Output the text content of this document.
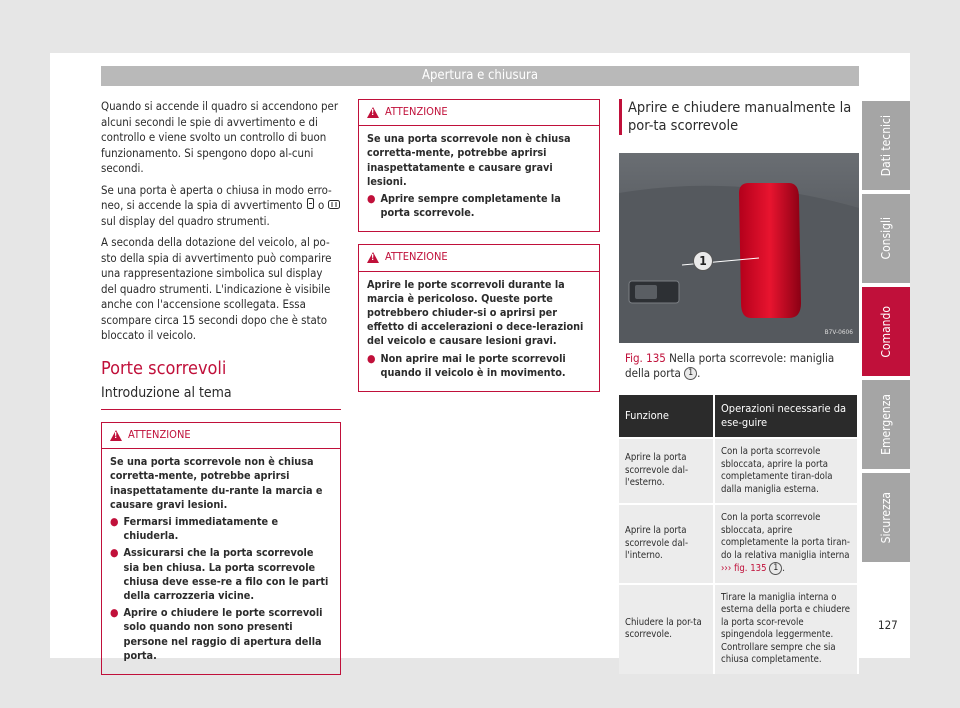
Apertura e chiusura

Quando si accende il quadro si accendono per alcuni secondi le spie di avvertimento e di controllo e viene svolto un controllo di buon funzionamento. Si spengono dopo al-cuni secondi.

Se una porta è aperta o chiusa in modo erro-neo, si accende la spia di avvertimento o  sul display del quadro strumenti.

A seconda della dotazione del veicolo, al po-sto della spia di avvertimento può comparire una rappresentazione simbolica sul display del quadro strumenti. L'indicazione è visibile anche con l'accensione scollegata. Essa scompare circa 15 secondi dopo che è stato bloccato il veicolo.

Porte scorrevoli
Introduzione al tema
!
ATTENZIONE

Se una porta scorrevole non è chiusa corretta-mente, potrebbe aprirsi inaspettatamente du-rante la marcia e causare gravi lesioni.

● Fermarsi immediatamente e chiuderla.
● Assicurarsi che la porta scorrevole sia ben chiusa. La porta scorrevole chiusa deve esse-re a filo con le parti della carrozzeria vicine.
● Aprire o chiudere le porte scorrevoli solo quando non sono presenti persone nel raggio di apertura della porta.
!
ATTENZIONE

Se una porta scorrevole non è chiusa corretta-mente, potrebbe aprirsi inaspettatamente e causare gravi lesioni.

● Aprire sempre completamente la porta scorrevole.
!
ATTENZIONE

Aprire le porte scorrevoli durante la marcia è pericoloso. Queste porte potrebbero chiuder-si o aprirsi per effetto di accelerazioni o dece-lerazioni del veicolo e causare lesioni gravi.

● Non aprire mai le porte scorrevoli quando il veicolo è in movimento.
Aprire e chiudere manualmente la por-ta scorrevole
1
B7V-0606
Fig. 135 Nella porta scorrevole: maniglia della porta 1 .
Funzione	Operazioni necessarie da ese-guire
Aprire la porta scorrevole dal-l'esterno.	Con la porta scorrevole sbloccata, aprire la porta completamente tiran-dola dalla maniglia esterna.
Aprire la porta scorrevole dal-l'interno.	Con la porta scorrevole sbloccata, aprire completamente la porta tiran-do la relativa maniglia interna ››› fig. 135 1 .
Chiudere la por-ta scorrevole.	Tirare la maniglia interna o esterna della porta e chiudere la porta scor-revole spingendola leggermente. Controllare sempre che sia chiusa completamente.
Dati tecnici
Consigli
Comando
Emergenza
Sicurezza
127
